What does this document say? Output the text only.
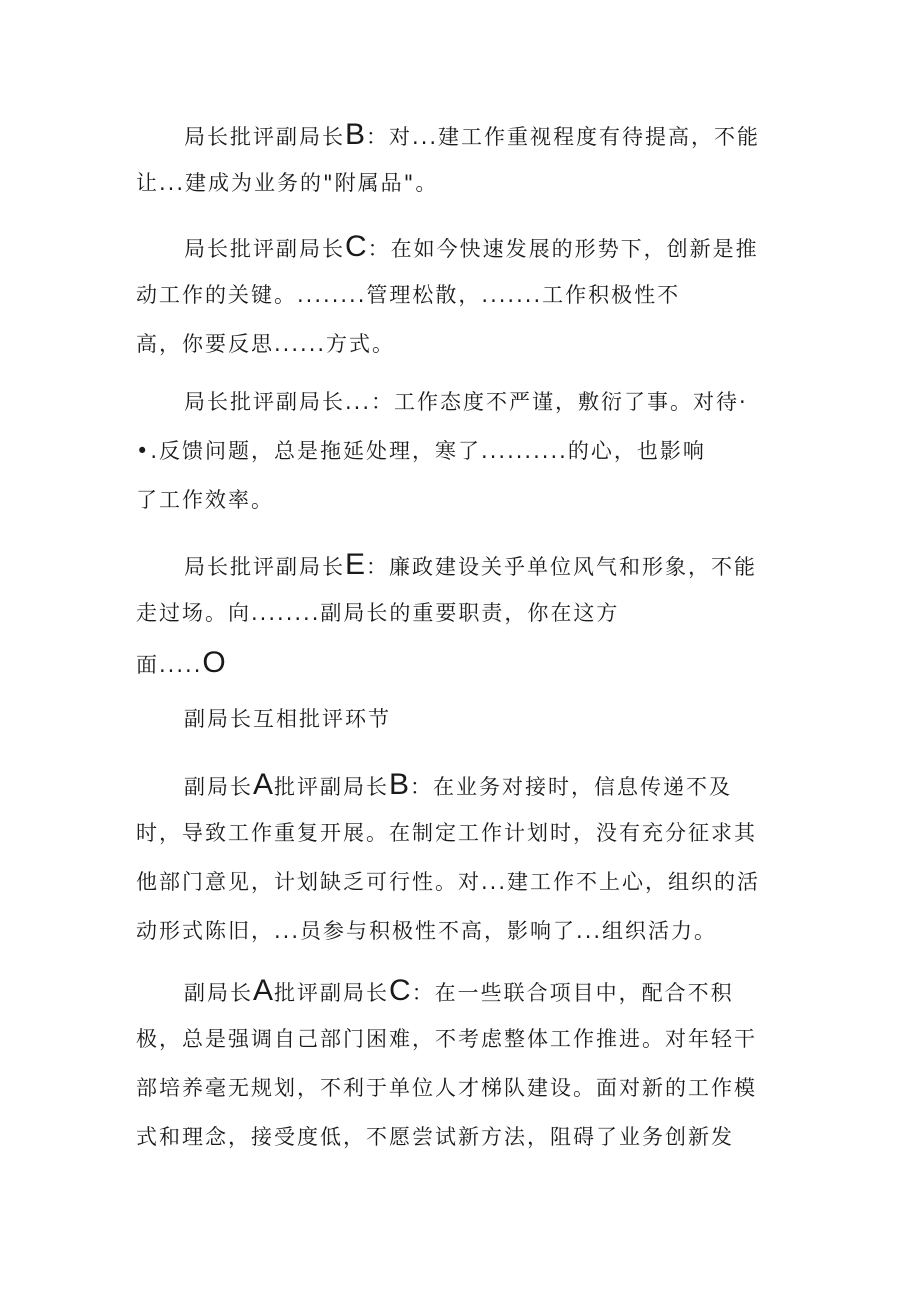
局长批评副局长B：对...建工作重视程度有待提高，不能
让...建成为业务的"附属品"。
局长批评副局长C：在如今快速发展的形势下，创新是推
动工作的关键。........管理松散，.......工作积极性不
高，你要反思......方式。
局长批评副局长...：工作态度不严谨，敷衍了事。对待·
•.反馈问题，总是拖延处理，寒了..........的心，也影响
了工作效率。
局长批评副局长E：廉政建设关乎单位风气和形象，不能
走过场。向........副局长的重要职责，你在这方
面.....O
副局长互相批评环节
副局长A批评副局长B：在业务对接时，信息传递不及
时，导致工作重复开展。在制定工作计划时，没有充分征求其
他部门意见，计划缺乏可行性。对...建工作不上心，组织的活
动形式陈旧，...员参与积极性不高，影响了...组织活力。
副局长A批评副局长C：在一些联合项目中，配合不积
极，总是强调自己部门困难，不考虑整体工作推进。对年轻干
部培养毫无规划，不利于单位人才梯队建设。面对新的工作模
式和理念，接受度低，不愿尝试新方法，阻碍了业务创新发
